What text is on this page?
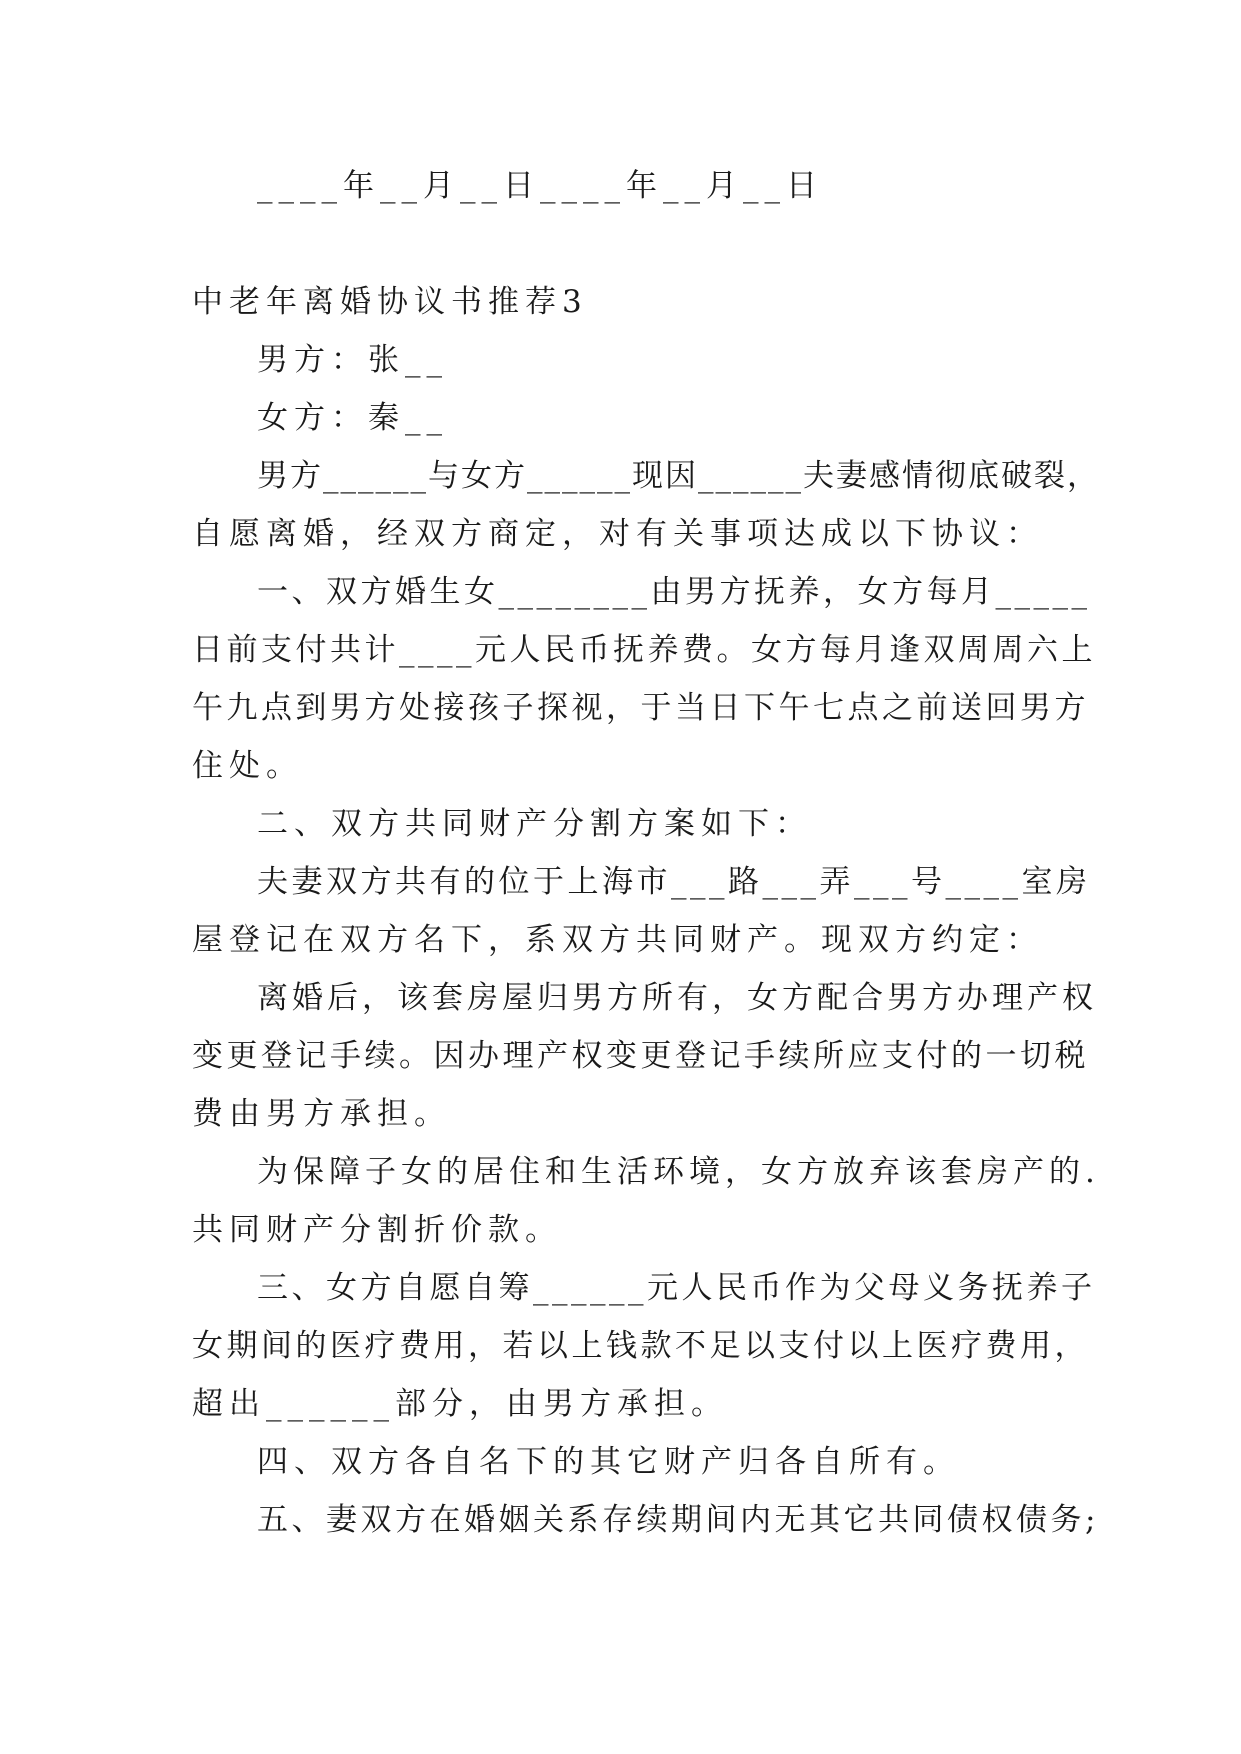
____年__月__日____年__月__日
中老年离婚协议书推荐3
男方：张__
女方：秦__
男方______与女方______现因______夫妻感情彻底破裂，
自愿离婚，经双方商定，对有关事项达成以下协议：
一、双方婚生女________由男方抚养，女方每月_____
日前支付共计____元人民币抚养费。女方每月逢双周周六上
午九点到男方处接孩子探视，于当日下午七点之前送回男方
住处。
二、双方共同财产分割方案如下：
夫妻双方共有的位于上海市___路___弄___号____室房
屋登记在双方名下，系双方共同财产。现双方约定：
离婚后，该套房屋归男方所有，女方配合男方办理产权
变更登记手续。因办理产权变更登记手续所应支付的一切税
费由男方承担。
为保障子女的居住和生活环境，女方放弃该套房产的.
共同财产分割折价款。
三、女方自愿自筹______元人民币作为父母义务抚养子
女期间的医疗费用，若以上钱款不足以支付以上医疗费用，
超出______部分，由男方承担。
四、双方各自名下的其它财产归各自所有。
五、妻双方在婚姻关系存续期间内无其它共同债权债务;
